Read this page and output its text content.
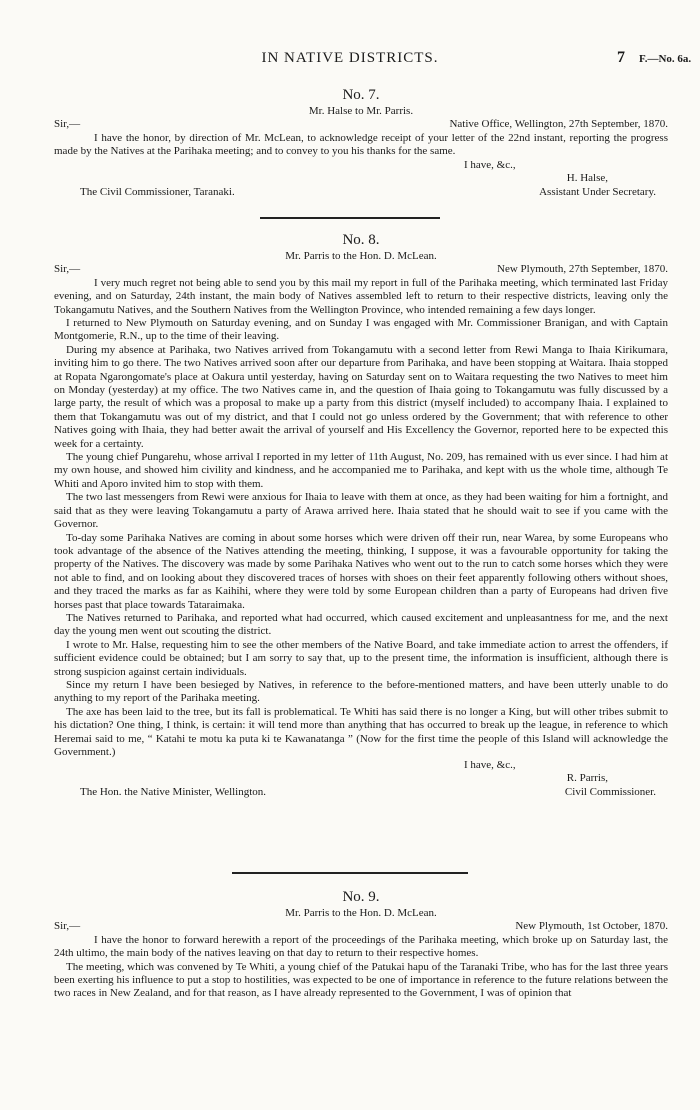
IN NATIVE DISTRICTS.	7 F.—No. 6a.
No. 7.
Mr. Halse to Mr. Parris.
Sir,—	Native Office, Wellington, 27th September, 1870.

I have the honor, by direction of Mr. McLean, to acknowledge receipt of your letter of the 22nd instant, reporting the progress made by the Natives at the Parihaka meeting; and to convey to you his thanks for the same.

I have, &c.,
H. Halse,
The Civil Commissioner, Taranaki.	Assistant Under Secretary.
No. 8.
Mr. Parris to the Hon. D. McLean.
Sir,—	New Plymouth, 27th September, 1870.

I very much regret not being able to send you by this mail my report in full of the Parihaka meeting, which terminated last Friday evening, and on Saturday, 24th instant, the main body of Natives assembled left to return to their respective districts, leaving only the Tokangamutu Natives, and the Southern Natives from the Wellington Province, who intended remaining a few days longer.

I returned to New Plymouth on Saturday evening, and on Sunday I was engaged with Mr. Commissioner Branigan, and with Captain Montgomerie, R.N., up to the time of their leaving.

During my absence at Parihaka, two Natives arrived from Tokangamutu with a second letter from Rewi Manga to Ihaia Kirikumara, inviting him to go there. The two Natives arrived soon after our departure from Parihaka, and have been stopping at Waitara. Ihaia stopped at Ropata Ngarongomate's place at Oakura until yesterday, having on Saturday sent on to Waitara requesting the two Natives to meet him on Monday (yesterday) at my office. The two Natives came in, and the question of Ihaia going to Tokangamutu was fully discussed by a large party, the result of which was a proposal to make up a party from this district (myself included) to accompany Ihaia. I explained to them that Tokangamutu was out of my district, and that I could not go unless ordered by the Government; that with reference to other Natives going with Ihaia, they had better await the arrival of yourself and His Excellency the Governor, reported here to be expected this week for a certainty.

The young chief Pungarehu, whose arrival I reported in my letter of 11th August, No. 209, has remained with us ever since. I had him at my own house, and showed him civility and kindness, and he accompanied me to Parihaka, and kept with us the whole time, although Te Whiti and Aporo invited him to stop with them.

The two last messengers from Rewi were anxious for Ihaia to leave with them at once, as they had been waiting for him a fortnight, and said that as they were leaving Tokangamutu a party of Arawa arrived here. Ihaia stated that he should wait to see if you came with the Governor.

To-day some Parihaka Natives are coming in about some horses which were driven off their run, near Warea, by some Europeans who took advantage of the absence of the Natives attending the meeting, thinking, I suppose, it was a favourable opportunity for taking the property of the Natives. The discovery was made by some Parihaka Natives who went out to the run to catch some horses which they were not able to find, and on looking about they discovered traces of horses with shoes on their feet apparently following others without shoes, and they traced the marks as far as Kaihihi, where they were told by some European children than a party of Europeans had driven five horses past that place towards Tataraimaka.

The Natives returned to Parihaka, and reported what had occurred, which caused excitement and unpleasantness for me, and the next day the young men went out scouting the district.

I wrote to Mr. Halse, requesting him to see the other members of the Native Board, and take immediate action to arrest the offenders, if sufficient evidence could be obtained; but I am sorry to say that, up to the present time, the information is insufficient, although there is strong suspicion against certain individuals.

Since my return I have been besieged by Natives, in reference to the before-mentioned matters, and have been utterly unable to do anything to my report of the Parihaka meeting.

The axe has been laid to the tree, but its fall is problematical. Te Whiti has said there is no longer a King, but will other tribes submit to his dictation? One thing, I think, is certain: it will tend more than anything that has occurred to break up the league, in reference to which Heremai said to me, “ Katahi te motu ka puta ki te Kawanatanga ” (Now for the first time the people of this Island will acknowledge the Government.)

I have, &c.,
R. Parris,
The Hon. the Native Minister, Wellington.	Civil Commissioner.
No. 9.
Mr. Parris to the Hon. D. McLean.
Sir,—	New Plymouth, 1st October, 1870.

I have the honor to forward herewith a report of the proceedings of the Parihaka meeting, which broke up on Saturday last, the 24th ultimo, the main body of the natives leaving on that day to return to their respective homes.

The meeting, which was convened by Te Whiti, a young chief of the Patukai hapu of the Taranaki Tribe, who has for the last three years been exerting his influence to put a stop to hostilities, was expected to be one of importance in reference to the future relations between the two races in New Zealand, and for that reason, as I have already represented to the Government, I was of opinion that
